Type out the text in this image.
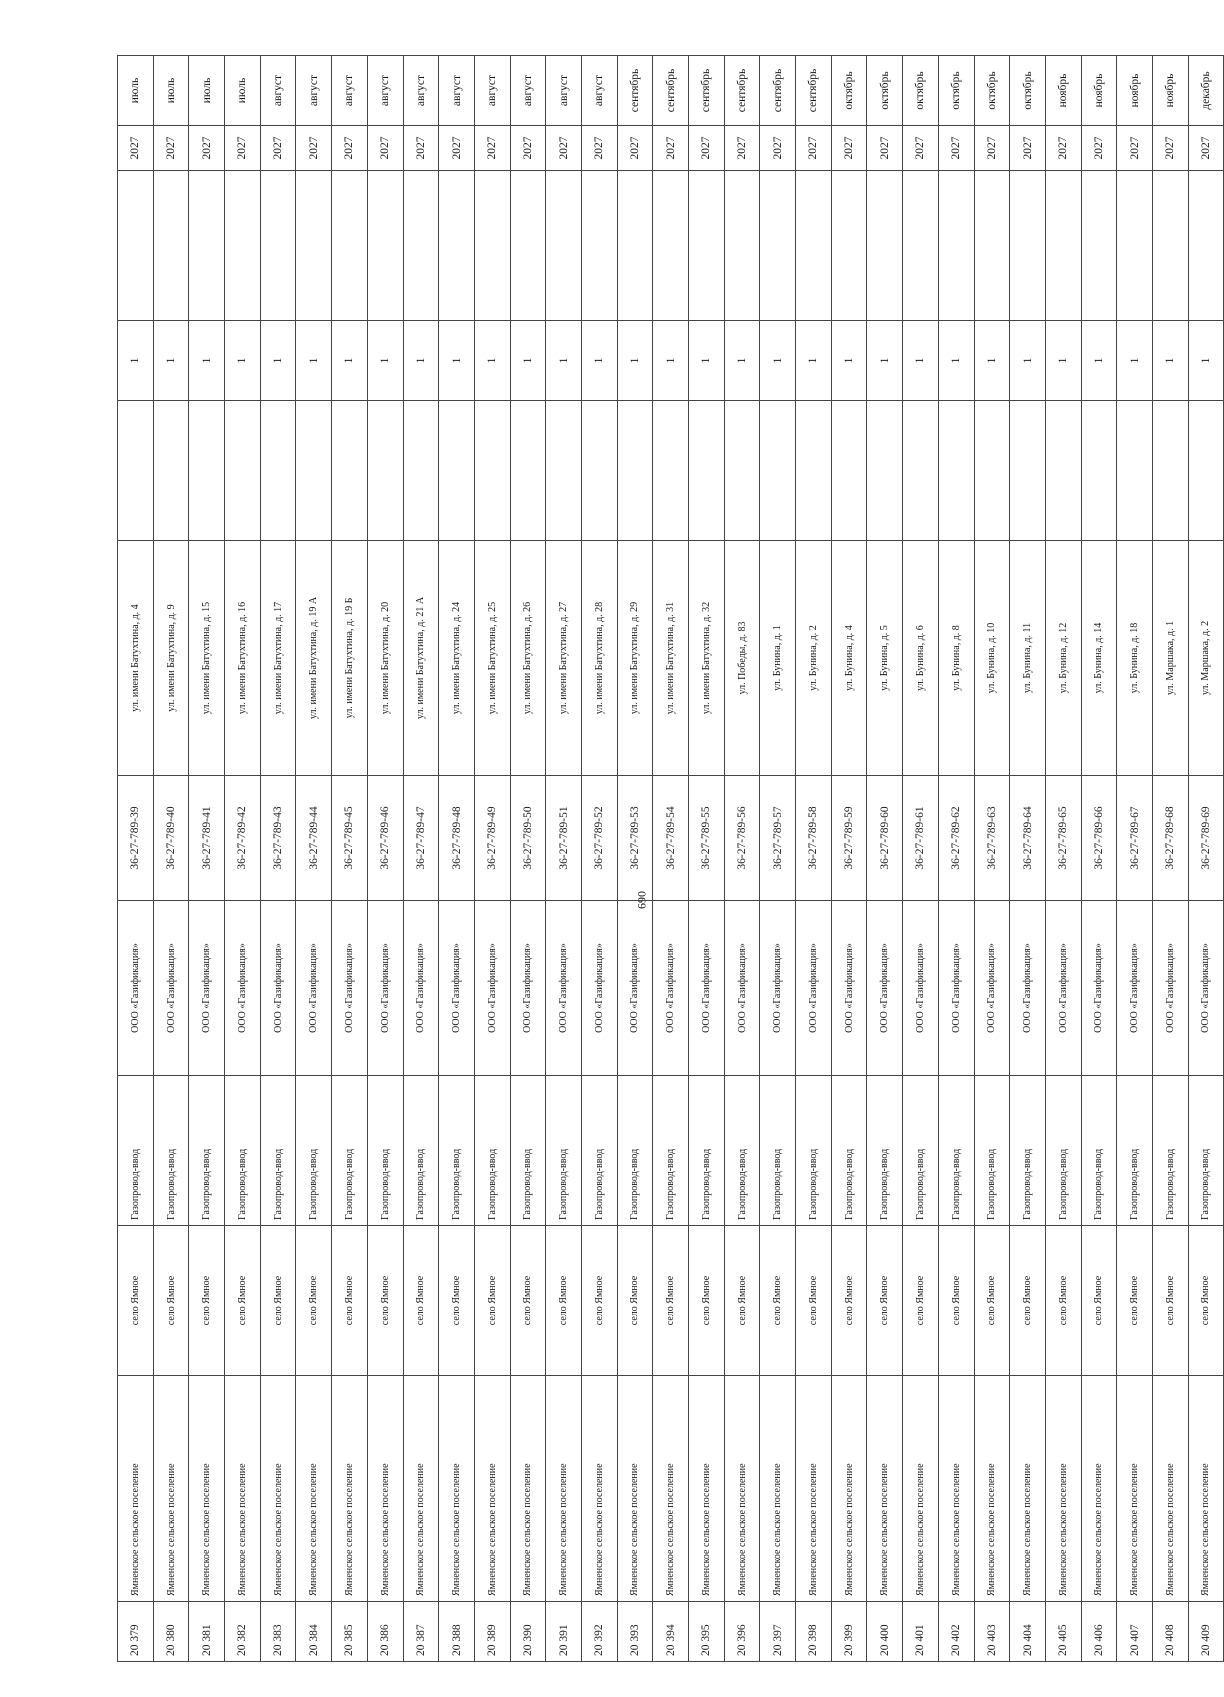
690
20 379	Ямненское сельское поселение	село Ямное	Газопровод-ввод	ООО «Газификация»	36-27-789-39	ул. имени Батухтина, д. 4		1		2027	июль
20 380	Ямненское сельское поселение	село Ямное	Газопровод-ввод	ООО «Газификация»	36-27-789-40	ул. имени Батухтина, д. 9		1		2027	июль
20 381	Ямненское сельское поселение	село Ямное	Газопровод-ввод	ООО «Газификация»	36-27-789-41	ул. имени Батухтина, д. 15		1		2027	июль
20 382	Ямненское сельское поселение	село Ямное	Газопровод-ввод	ООО «Газификация»	36-27-789-42	ул. имени Батухтина, д. 16		1		2027	июль
20 383	Ямненское сельское поселение	село Ямное	Газопровод-ввод	ООО «Газификация»	36-27-789-43	ул. имени Батухтина, д. 17		1		2027	август
20 384	Ямненское сельское поселение	село Ямное	Газопровод-ввод	ООО «Газификация»	36-27-789-44	ул. имени Батухтина, д. 19 А		1		2027	август
20 385	Ямненское сельское поселение	село Ямное	Газопровод-ввод	ООО «Газификация»	36-27-789-45	ул. имени Батухтина, д. 19 Б		1		2027	август
20 386	Ямненское сельское поселение	село Ямное	Газопровод-ввод	ООО «Газификация»	36-27-789-46	ул. имени Батухтина, д. 20		1		2027	август
20 387	Ямненское сельское поселение	село Ямное	Газопровод-ввод	ООО «Газификация»	36-27-789-47	ул. имени Батухтина, д. 21 А		1		2027	август
20 388	Ямненское сельское поселение	село Ямное	Газопровод-ввод	ООО «Газификация»	36-27-789-48	ул. имени Батухтина, д. 24		1		2027	август
20 389	Ямненское сельское поселение	село Ямное	Газопровод-ввод	ООО «Газификация»	36-27-789-49	ул. имени Батухтина, д. 25		1		2027	август
20 390	Ямненское сельское поселение	село Ямное	Газопровод-ввод	ООО «Газификация»	36-27-789-50	ул. имени Батухтина, д. 26		1		2027	август
20 391	Ямненское сельское поселение	село Ямное	Газопровод-ввод	ООО «Газификация»	36-27-789-51	ул. имени Батухтина, д. 27		1		2027	август
20 392	Ямненское сельское поселение	село Ямное	Газопровод-ввод	ООО «Газификация»	36-27-789-52	ул. имени Батухтина, д. 28		1		2027	август
20 393	Ямненское сельское поселение	село Ямное	Газопровод-ввод	ООО «Газификация»	36-27-789-53	ул. имени Батухтина, д. 29		1		2027	сентябрь
20 394	Ямненское сельское поселение	село Ямное	Газопровод-ввод	ООО «Газификация»	36-27-789-54	ул. имени Батухтина, д. 31		1		2027	сентябрь
20 395	Ямненское сельское поселение	село Ямное	Газопровод-ввод	ООО «Газификация»	36-27-789-55	ул. имени Батухтина, д. 32		1		2027	сентябрь
20 396	Ямненское сельское поселение	село Ямное	Газопровод-ввод	ООО «Газификация»	36-27-789-56	ул. Победы, д. 83		1		2027	сентябрь
20 397	Ямненское сельское поселение	село Ямное	Газопровод-ввод	ООО «Газификация»	36-27-789-57	ул. Бунина, д. 1		1		2027	сентябрь
20 398	Ямненское сельское поселение	село Ямное	Газопровод-ввод	ООО «Газификация»	36-27-789-58	ул. Бунина, д. 2		1		2027	сентябрь
20 399	Ямненское сельское поселение	село Ямное	Газопровод-ввод	ООО «Газификация»	36-27-789-59	ул. Бунина, д. 4		1		2027	октябрь
20 400	Ямненское сельское поселение	село Ямное	Газопровод-ввод	ООО «Газификация»	36-27-789-60	ул. Бунина, д. 5		1		2027	октябрь
20 401	Ямненское сельское поселение	село Ямное	Газопровод-ввод	ООО «Газификация»	36-27-789-61	ул. Бунина, д. 6		1		2027	октябрь
20 402	Ямненское сельское поселение	село Ямное	Газопровод-ввод	ООО «Газификация»	36-27-789-62	ул. Бунина, д. 8		1		2027	октябрь
20 403	Ямненское сельское поселение	село Ямное	Газопровод-ввод	ООО «Газификация»	36-27-789-63	ул. Бунина, д. 10		1		2027	октябрь
20 404	Ямненское сельское поселение	село Ямное	Газопровод-ввод	ООО «Газификация»	36-27-789-64	ул. Бунина, д. 11		1		2027	октябрь
20 405	Ямненское сельское поселение	село Ямное	Газопровод-ввод	ООО «Газификация»	36-27-789-65	ул. Бунина, д. 12		1		2027	ноябрь
20 406	Ямненское сельское поселение	село Ямное	Газопровод-ввод	ООО «Газификация»	36-27-789-66	ул. Бунина, д. 14		1		2027	ноябрь
20 407	Ямненское сельское поселение	село Ямное	Газопровод-ввод	ООО «Газификация»	36-27-789-67	ул. Бунина, д. 18		1		2027	ноябрь
20 408	Ямненское сельское поселение	село Ямное	Газопровод-ввод	ООО «Газификация»	36-27-789-68	ул. Маршака, д. 1		1		2027	ноябрь
20 409	Ямненское сельское поселение	село Ямное	Газопровод-ввод	ООО «Газификация»	36-27-789-69	ул. Маршака, д. 2		1		2027	декабрь
